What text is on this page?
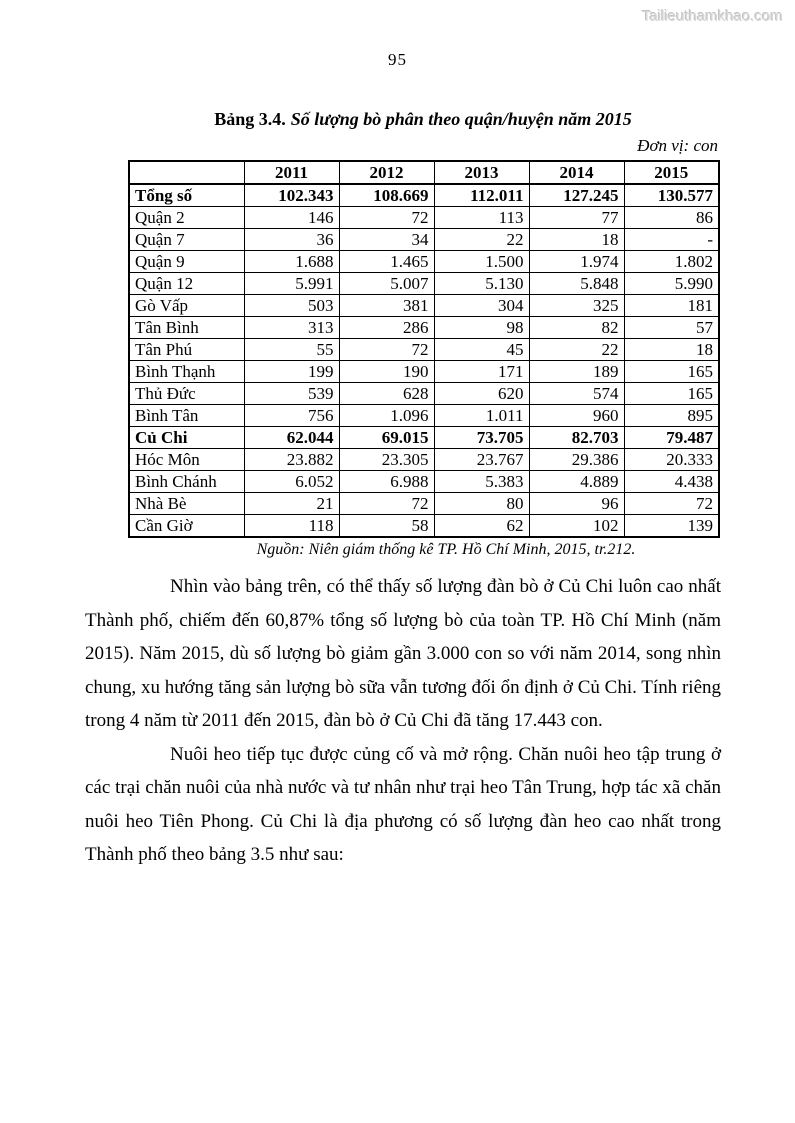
Tailieuthamkhao.com
95
Bảng 3.4. Số lượng bò phân theo quận/huyện năm 2015
Đơn vị: con
	2011	2012	2013	2014	2015
Tổng số	102.343	108.669	112.011	127.245	130.577
Quận 2	146	72	113	77	86
Quận 7	36	34	22	18	-
Quận 9	1.688	1.465	1.500	1.974	1.802
Quận 12	5.991	5.007	5.130	5.848	5.990
Gò Vấp	503	381	304	325	181
Tân Bình	313	286	98	82	57
Tân Phú	55	72	45	22	18
Bình Thạnh	199	190	171	189	165
Thủ Đức	539	628	620	574	165
Bình Tân	756	1.096	1.011	960	895
Củ Chi	62.044	69.015	73.705	82.703	79.487
Hóc Môn	23.882	23.305	23.767	29.386	20.333
Bình Chánh	6.052	6.988	5.383	4.889	4.438
Nhà Bè	21	72	80	96	72
Cần Giờ	118	58	62	102	139
Nguồn: Niên giám thống kê TP. Hồ Chí Minh, 2015, tr.212.

Nhìn vào bảng trên, có thể thấy số lượng đàn bò ở Củ Chi luôn cao nhất Thành phố, chiếm đến 60,87% tổng số lượng bò của toàn TP. Hồ Chí Minh (năm 2015). Năm 2015, dù số lượng bò giảm gần 3.000 con so với năm 2014, song nhìn chung, xu hướng tăng sản lượng bò sữa vẫn tương đối ổn định ở Củ Chi. Tính riêng trong 4 năm từ 2011 đến 2015, đàn bò ở Củ Chi đã tăng 17.443 con.

Nuôi heo tiếp tục được củng cố và mở rộng. Chăn nuôi heo tập trung ở các trại chăn nuôi của nhà nước và tư nhân như trại heo Tân Trung, hợp tác xã chăn nuôi heo Tiên Phong. Củ Chi là địa phương có số lượng đàn heo cao nhất trong Thành phố theo bảng 3.5 như sau:
